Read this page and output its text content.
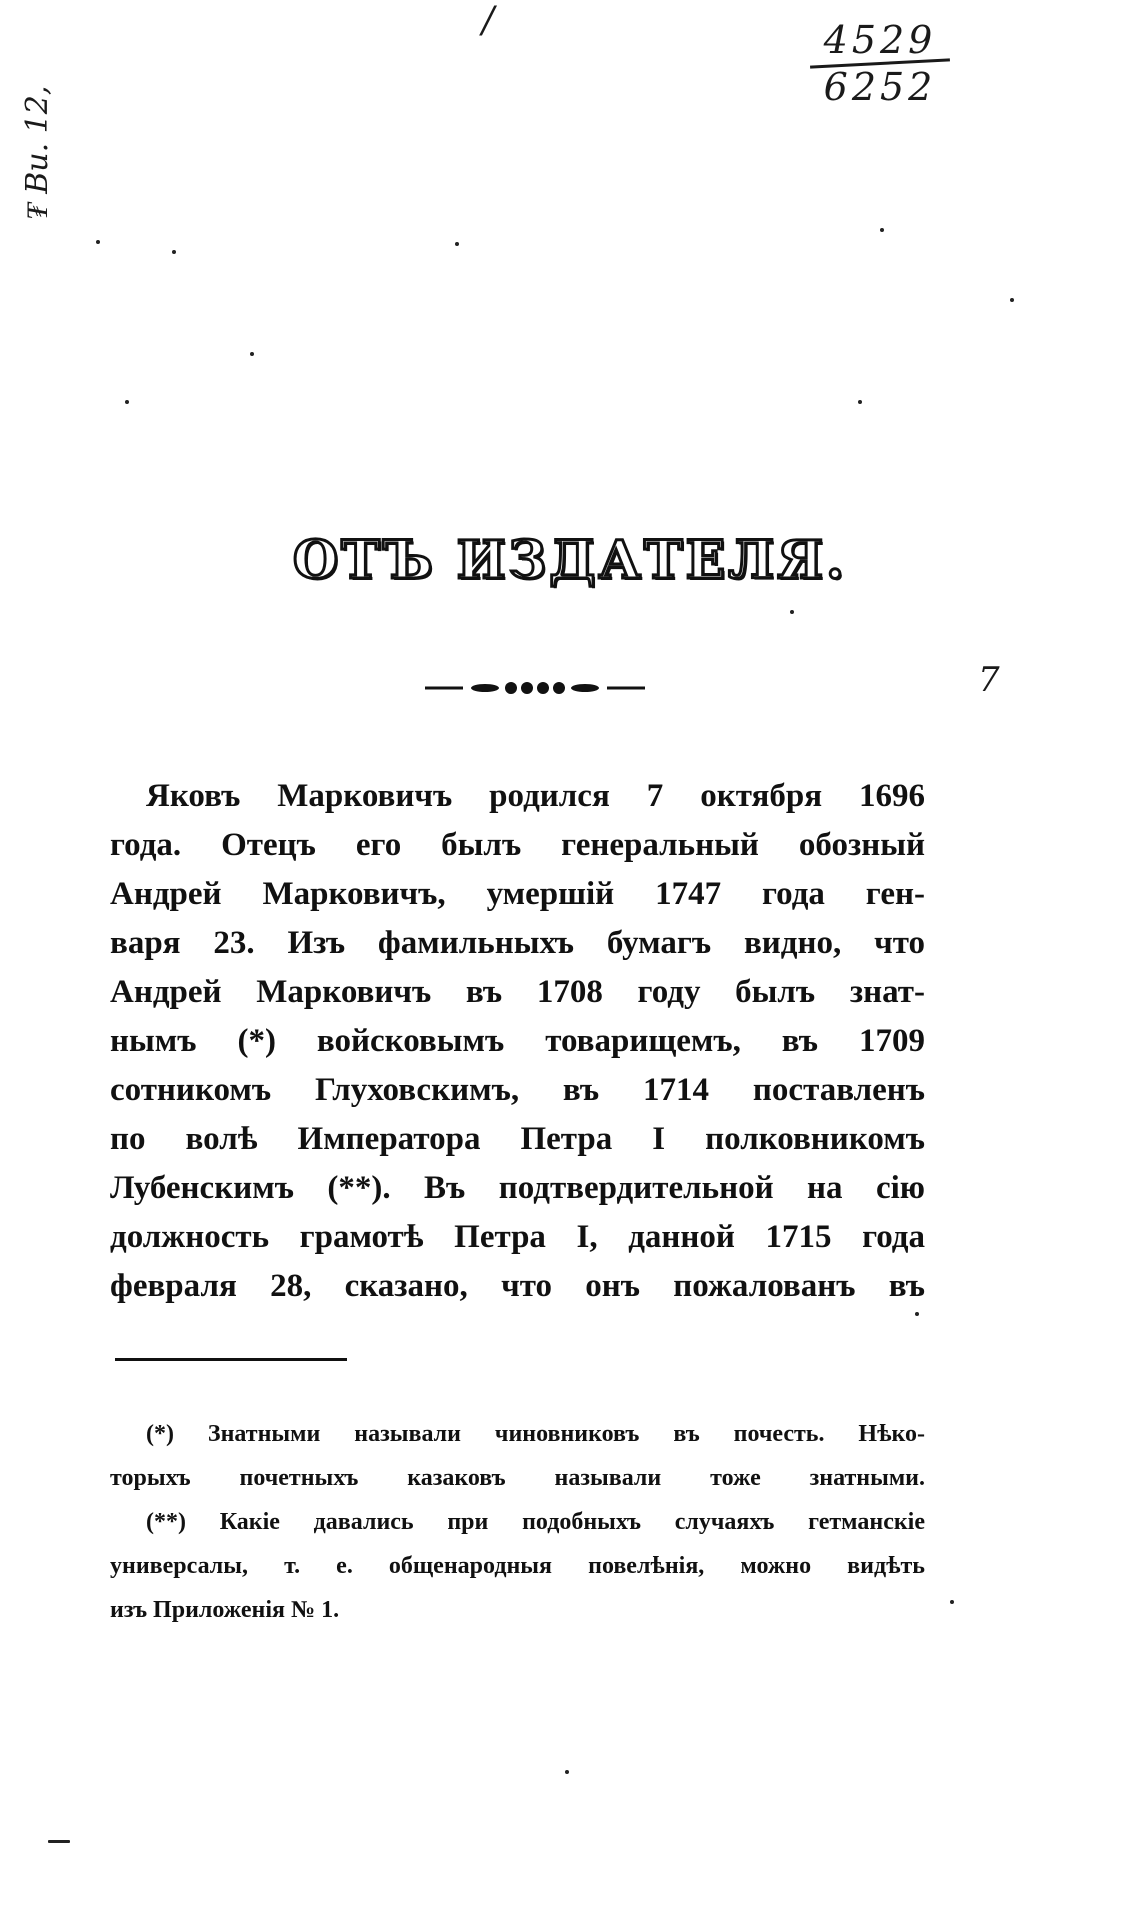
₮ Bu. 12,
/	4529
6252
7
ОТЪ ИЗДАТЕЛЯ.
Яковъ Марковичъ родился 7 октября 1696
года. Отецъ его былъ генеральный обозный
Андрей Марковичъ, умершій 1747 года ген-
варя 23. Изъ фамильныхъ бумагъ видно, что
Андрей Марковичъ въ 1708 году былъ знат-
нымъ (*) войсковымъ товарищемъ, въ 1709
сотникомъ Глуховскимъ, въ 1714 поставленъ
по волѣ Императора Петра I полковникомъ
Лубенскимъ (**). Въ подтвердительной на сію
должность грамотѣ Петра I, данной 1715 года
февраля 28, сказано, что онъ пожалованъ въ
(*) Знатными называли чиновниковъ въ почесть. Нѣко-
торыхъ почетныхъ казаковъ называли тоже знатными.
(**) Какіе давались при подобныхъ случаяхъ гетманскіе
универсалы, т. е. общенародныя повелѣнія, можно видѣть
изъ Приложенія № 1.
